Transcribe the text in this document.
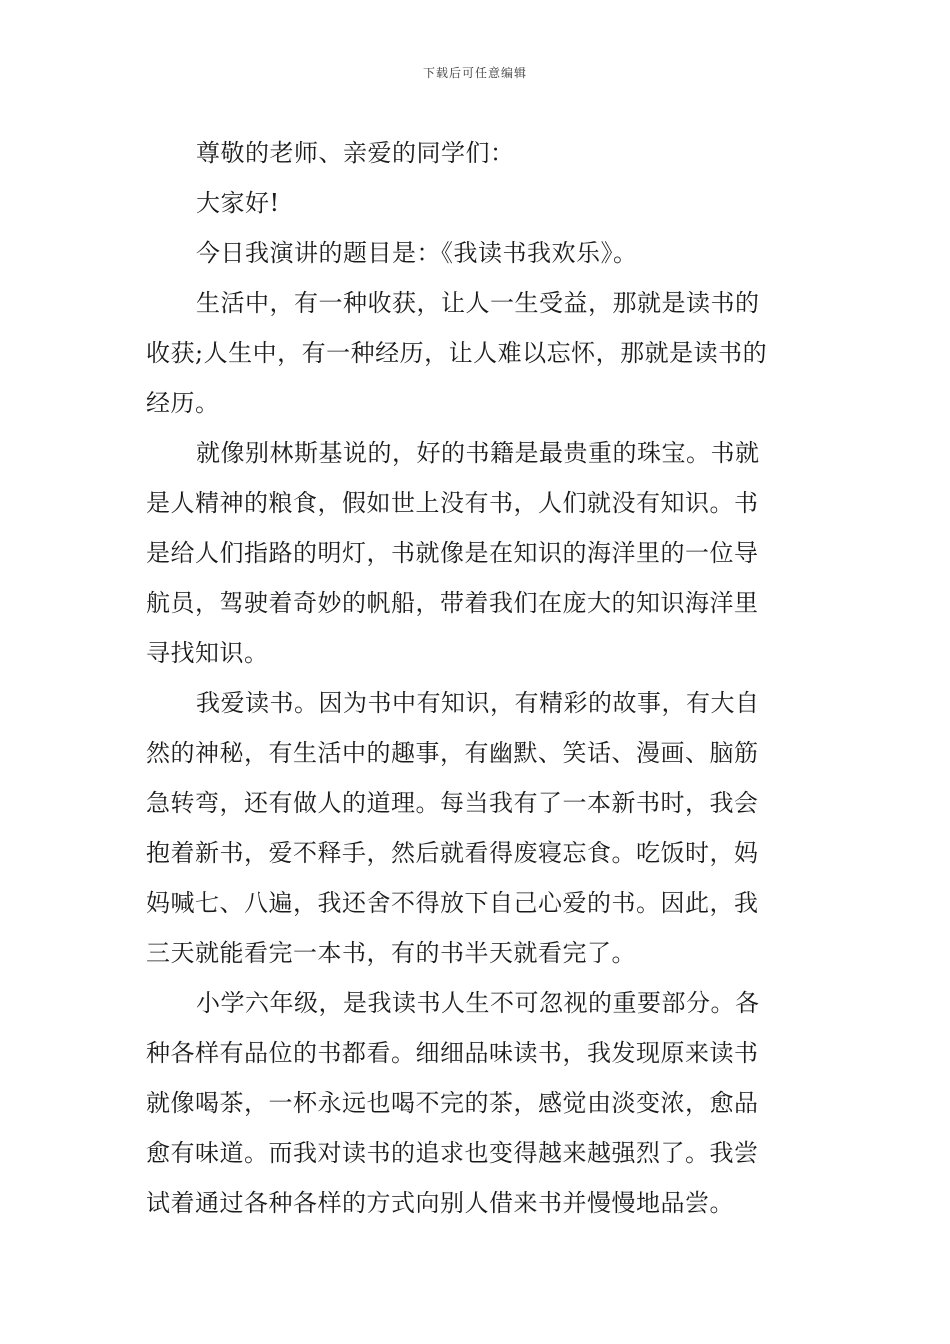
下载后可任意编辑
尊敬的老师、亲爱的同学们：
大家好!
今日我演讲的题目是：《我读书我欢乐》。
生活中，有一种收获，让人一生受益，那就是读书的
收获;人生中，有一种经历，让人难以忘怀，那就是读书的
经历。
就像别林斯基说的，好的书籍是最贵重的珠宝。书就
是人精神的粮食，假如世上没有书，人们就没有知识。书
是给人们指路的明灯，书就像是在知识的海洋里的一位导
航员，驾驶着奇妙的帆船，带着我们在庞大的知识海洋里
寻找知识。
我爱读书。因为书中有知识，有精彩的故事，有大自
然的神秘，有生活中的趣事，有幽默、笑话、漫画、脑筋
急转弯，还有做人的道理。每当我有了一本新书时，我会
抱着新书，爱不释手，然后就看得废寝忘食。吃饭时，妈
妈喊七、八遍，我还舍不得放下自己心爱的书。因此，我
三天就能看完一本书，有的书半天就看完了。
小学六年级，是我读书人生不可忽视的重要部分。各
种各样有品位的书都看。细细品味读书，我发现原来读书
就像喝茶，一杯永远也喝不完的茶，感觉由淡变浓，愈品
愈有味道。而我对读书的追求也变得越来越强烈了。我尝
试着通过各种各样的方式向别人借来书并慢慢地品尝。
